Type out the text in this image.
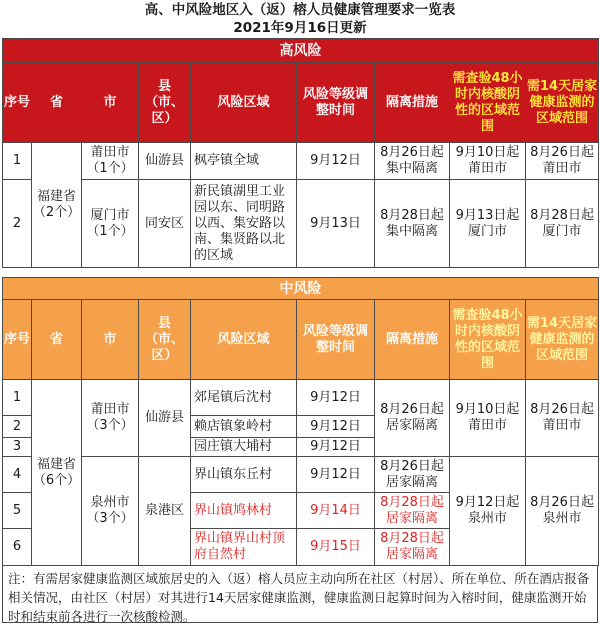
高、中风险地区入（返）榕人员健康管理要求一览表
2021年9月16日更新
高风险								
序号	省	市	县（市、区）	风险区域	风险等级调整时间	隔离措施	需查验48小时内核酸阴性的区域范围	需14天居家健康监测的区域范围
1	福建省（2个）	莆田市（1个）	仙游县	枫亭镇全域	9月12日	8月26日起集中隔离	9月10日起莆田市	8月26日起莆田市
2		厦门市（1个）	同安区	新民镇湖里工业园以东、同明路以西、集安路以南、集贤路以北的区域	9月13日	8月28日起集中隔离	9月13日起厦门市	8月28日起厦门市
中风险								
序号	省	市	县（市、区）	风险区域	风险等级调整时间	隔离措施	需查验48小时内核酸阴性的区域范围	需14天居家健康监测的区域范围
1	福建省（6个）	莆田市（3个）	仙游县	郊尾镇后沈村	9月12日	8月26日起居家隔离	9月10日起莆田市	8月26日起莆田市
2				赖店镇象岭村	9月12日			
3				园庄镇大埔村	9月12日			
4		泉州市（3个）	泉港区	界山镇东丘村	9月12日	8月26日起居家隔离	9月12日起泉州市	8月26日起泉州市
5				界山镇鸠林村	9月14日	8月28日起居家隔离		
6				界山镇界山村顶府自然村	9月15日	8月28日起居家隔离		
注：有需居家健康监测区域旅居史的入（返）榕人员应主动向所在社区（村居）、所在单位、所在酒店报备相关情况，由社区（村居）对其进行14天居家健康监测，健康监测日起算时间为入榕时间，健康监测开始时和结束前各进行一次核酸检测。
